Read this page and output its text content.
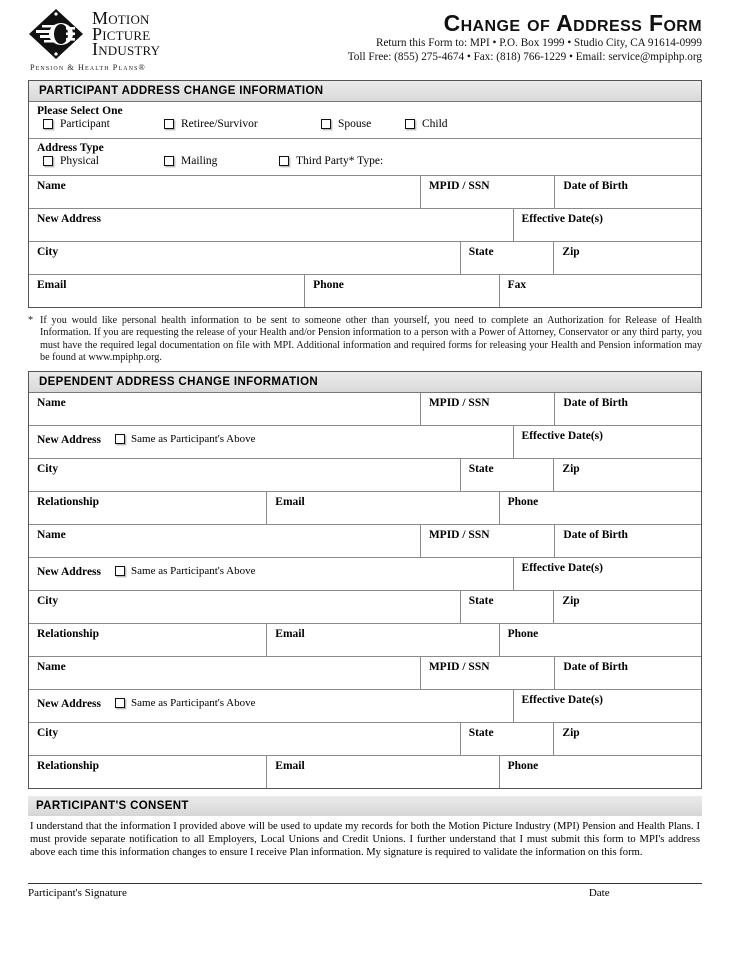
Motion
Picture
Industry
Pension & Health Plans®
Change of Address Form
Return this Form to: MPI • P.O. Box 1999 • Studio City, CA 91614-0999
Toll Free: (855) 275-4674 • Fax: (818) 766-1229 • Email: service@mpiphp.org
PARTICIPANT ADDRESS CHANGE INFORMATION
Please Select One
Participant	Retiree/Survivor	Spouse	Child
Address Type
Physical	Mailing	Third Party* Type:
Name	MPID / SSN	Date of Birth
New Address	Effective Date(s)
City	State	Zip
Email	Phone	Fax
* If you would like personal health information to be sent to someone other than yourself, you need to complete an Authorization for Release of Health Information. If you are requesting the release of your Health and/or Pension information to a person with a Power of Attorney, Conservator or any third party, you must have the required legal documentation on file with MPI. Additional information and required forms for releasing your Health and Pension information may be found at www.mpiphp.org.
DEPENDENT ADDRESS CHANGE INFORMATION
Name	MPID / SSN	Date of Birth
New Address	Same as Participant's Above	Effective Date(s)
City	State	Zip
Relationship	Email	Phone
Name	MPID / SSN	Date of Birth
New Address	Same as Participant's Above	Effective Date(s)
City	State	Zip
Relationship	Email	Phone
Name	MPID / SSN	Date of Birth
New Address	Same as Participant's Above	Effective Date(s)
City	State	Zip
Relationship	Email	Phone
PARTICIPANT'S CONSENT
I understand that the information I provided above will be used to update my records for both the Motion Picture Industry (MPI) Pension and Health Plans. I must provide separate notification to all Employers, Local Unions and Credit Unions. I further understand that I must submit this form to MPI's address above each time this information changes to ensure I receive Plan information. My signature is required to validate the information on this form.
Participant's Signature	Date
